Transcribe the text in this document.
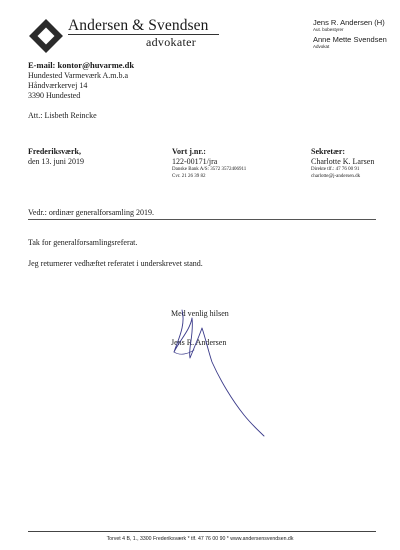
Andersen & Svendsen
advokater
Jens R. Andersen (H)
Aut. bobestyrer
Anne Mette Svendsen
Advokat
E-mail: kontor@huvarme.dk
Hundested Varmeværk A.m.b.a
Håndværkervej 14
3390 Hundested
Att.: Lisbeth Reincke
Frederiksværk,
den 13. juni 2019
Vort j.nr.:
122-00171/jra
Danske Bank A/S: 3572 3572406911
Cvr. 21 26 39 82
Sekretær:
Charlotte K. Larsen
Direkte tlf.: 47 76 00 91
charlotte@j-andersen.dk
Vedr.: ordinær generalforsamling 2019.
Tak for generalforsamlingsreferat.
Jeg returnerer vedhæftet referatet i underskrevet stand.
Med venlig hilsen
Jens R. Andersen
Torvet 4 B, 1., 3300 Frederiksværk * tlf. 47 76 00 90 * www.andersensvendsen.dk
